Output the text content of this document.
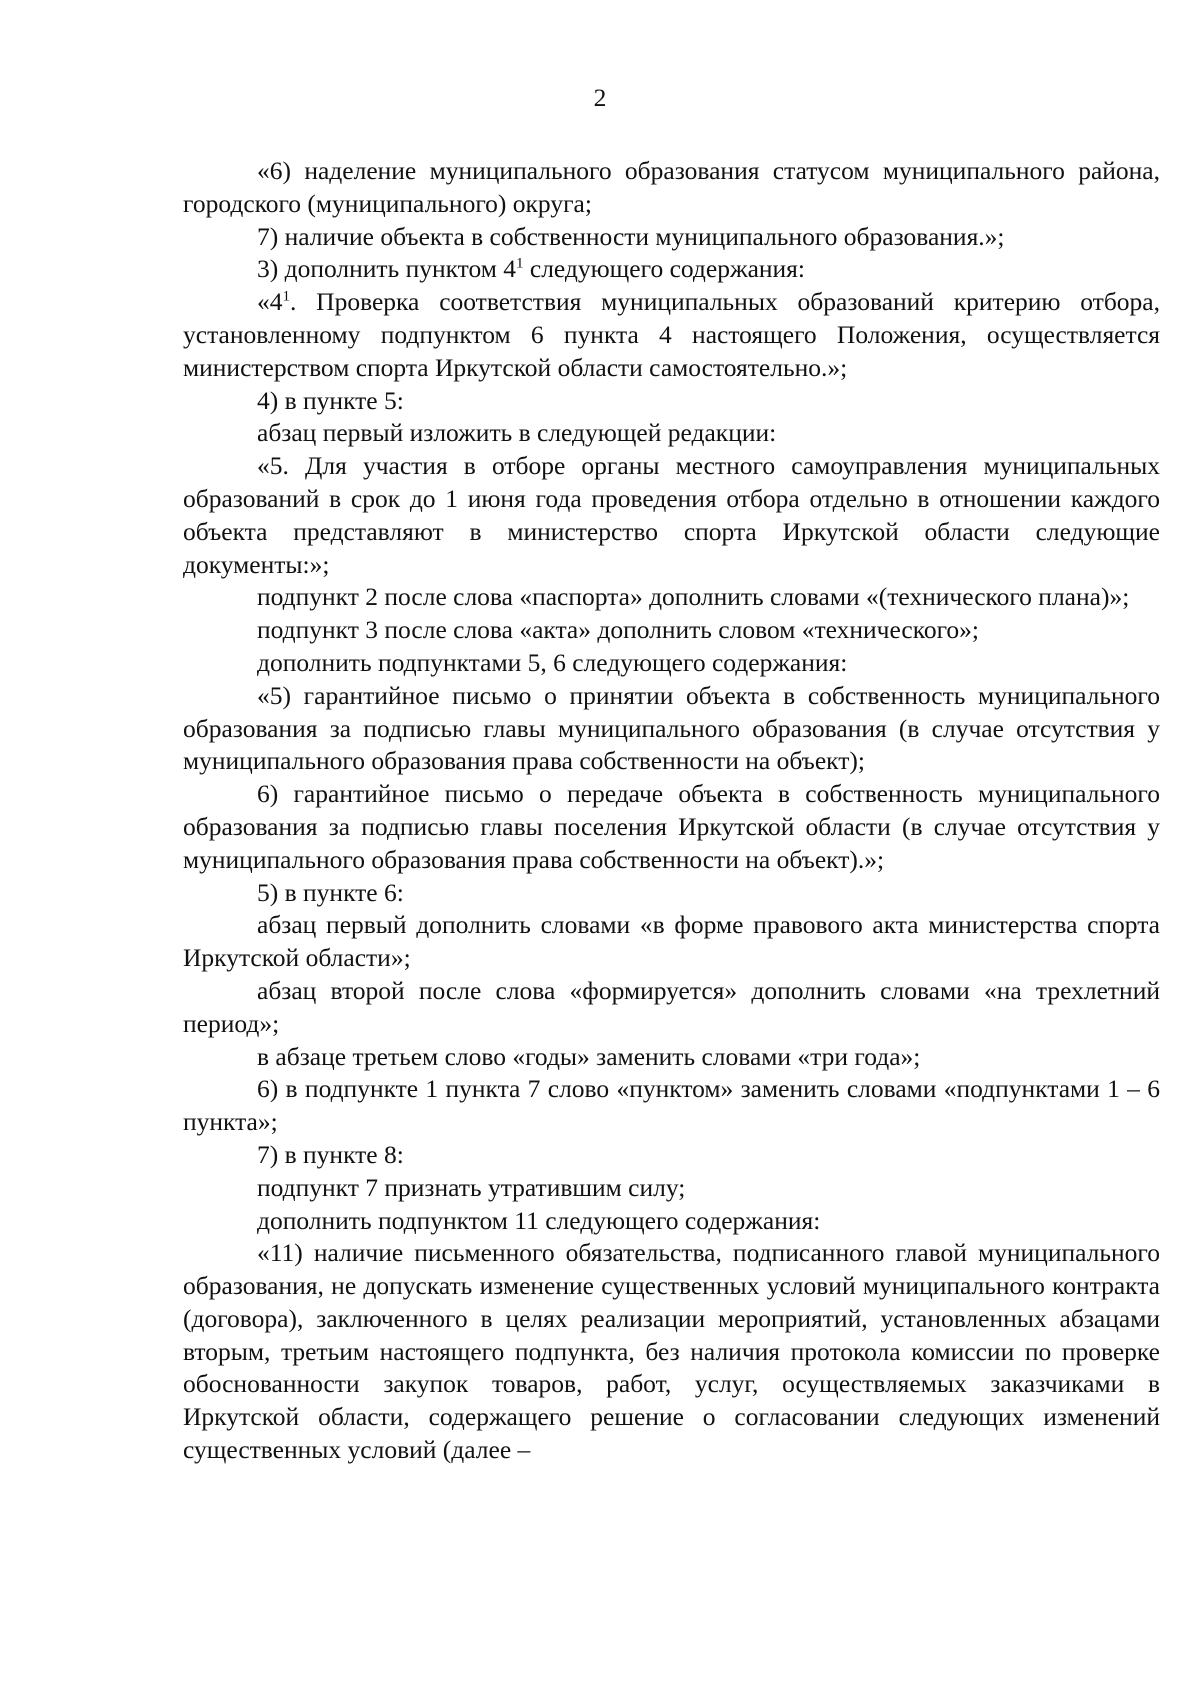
2

«6) наделение муниципального образования статусом муниципального района, городского (муниципального) округа;

7) наличие объекта в собственности муниципального образования.»;

3) дополнить пунктом $4^1$ следующего содержания:

«$4^1$. Проверка соответствия муниципальных образований критерию отбора, установленному подпунктом 6 пункта 4 настоящего Положения, осуществляется министерством спорта Иркутской области самостоятельно.»;

4) в пункте 5:

абзац первый изложить в следующей редакции:

«5. Для участия в отборе органы местного самоуправления муниципальных образований в срок до 1 июня года проведения отбора отдельно в отношении каждого объекта представляют в министерство спорта Иркутской области следующие документы:»;

подпункт 2 после слова «паспорта» дополнить словами «(технического плана)»;

подпункт 3 после слова «акта» дополнить словом «технического»;

дополнить подпунктами 5, 6 следующего содержания:

«5) гарантийное письмо о принятии объекта в собственность муниципального образования за подписью главы муниципального образования (в случае отсутствия у муниципального образования права собственности на объект);

6) гарантийное письмо о передаче объекта в собственность муниципального образования за подписью главы поселения Иркутской области (в случае отсутствия у муниципального образования права собственности на объект).»;

5) в пункте 6:

абзац первый дополнить словами «в форме правового акта министерства спорта Иркутской области»;

абзац второй после слова «формируется» дополнить словами «на трехлетний период»;

в абзаце третьем слово «годы» заменить словами «три года»;

6) в подпункте 1 пункта 7 слово «пунктом» заменить словами «подпунктами 1 – 6 пункта»;

7) в пункте 8:

подпункт 7 признать утратившим силу;

дополнить подпунктом 11 следующего содержания:

«11) наличие письменного обязательства, подписанного главой муниципального образования, не допускать изменение существенных условий муниципального контракта (договора), заключенного в целях реализации мероприятий, установленных абзацами вторым, третьим настоящего подпункта, без наличия протокола комиссии по проверке обоснованности закупок товаров, работ, услуг, осуществляемых заказчиками в Иркутской области, содержащего решение о согласовании следующих изменений существенных условий (далее –
